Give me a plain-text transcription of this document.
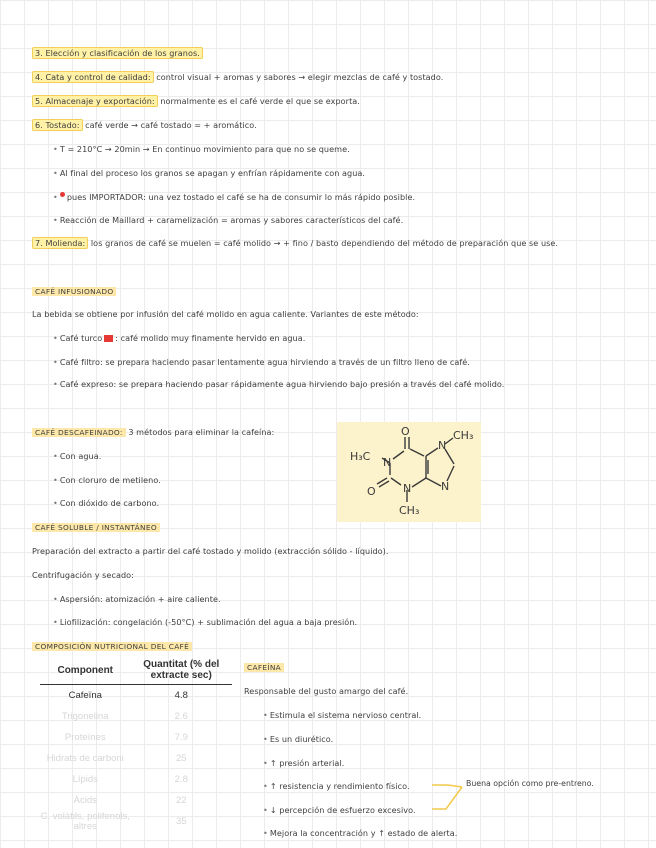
3. Elección y clasificación de los granos.
4. Cata y control de calidad: control visual + aromas y sabores → elegir mezclas de café y tostado.
5. Almacenaje y exportación: normalmente es el café verde el que se exporta.
6. Tostado: café verde → café tostado = + aromático.
• T = 210°C → 20min → En continuo movimiento para que no se queme.
• Al final del proceso los granos se apagan y enfrían rápidamente con agua.
• pues IMPORTADOR: una vez tostado el café se ha de consumir lo más rápido posible.
• Reacción de Maillard + caramelización = aromas y sabores característicos del café.
7. Molienda: los granos de café se muelen = café molido → + fino / basto dependiendo del método de preparación que se use.
CAFÉ INFUSIONADO
La bebida se obtiene por infusión del café molido en agua caliente. Variantes de este método:
• Café turco : café molido muy finamente hervido en agua.
• Café filtro: se prepara haciendo pasar lentamente agua hirviendo a través de un filtro lleno de café.
• Café expreso: se prepara haciendo pasar rápidamente agua hirviendo bajo presión a través del café molido.
CAFÉ DESCAFEINADO: 3 métodos para eliminar la cafeína:
• Con agua.
• Con cloruro de metileno.
• Con dióxido de carbono.
H₃C N
O
O N
N
N
CH₃
CH₃
CAFÉ SOLUBLE / INSTANTÁNEO
Preparación del extracto a partir del café tostado y molido (extracción sólido - líquido).
Centrifugación y secado:
• Aspersión: atomización + aire caliente.
• Liofilización: congelación (-50°C) + sublimación del agua a baja presión.
COMPOSICIÓN NUTRICIONAL DEL CAFÉ
Component	Quantitat (% del extracte sec)
Cafeïna	4.8
Trigonelina	2.6
Proteïnes	7.9
Hidrats de carboni	25
Lípids	2.8
Àcids	22
C. volàtils, polifenols, altres	35
CAFEÍNA
Responsable del gusto amargo del café.
• Estimula el sistema nervioso central.
• Es un diurético.
• ↑ presión arterial.
• ↑ resistencia y rendimiento físico.
• ↓ percepción de esfuerzo excesivo.
• Mejora la concentración y ↑ estado de alerta.
Buena opción como pre-entreno.
